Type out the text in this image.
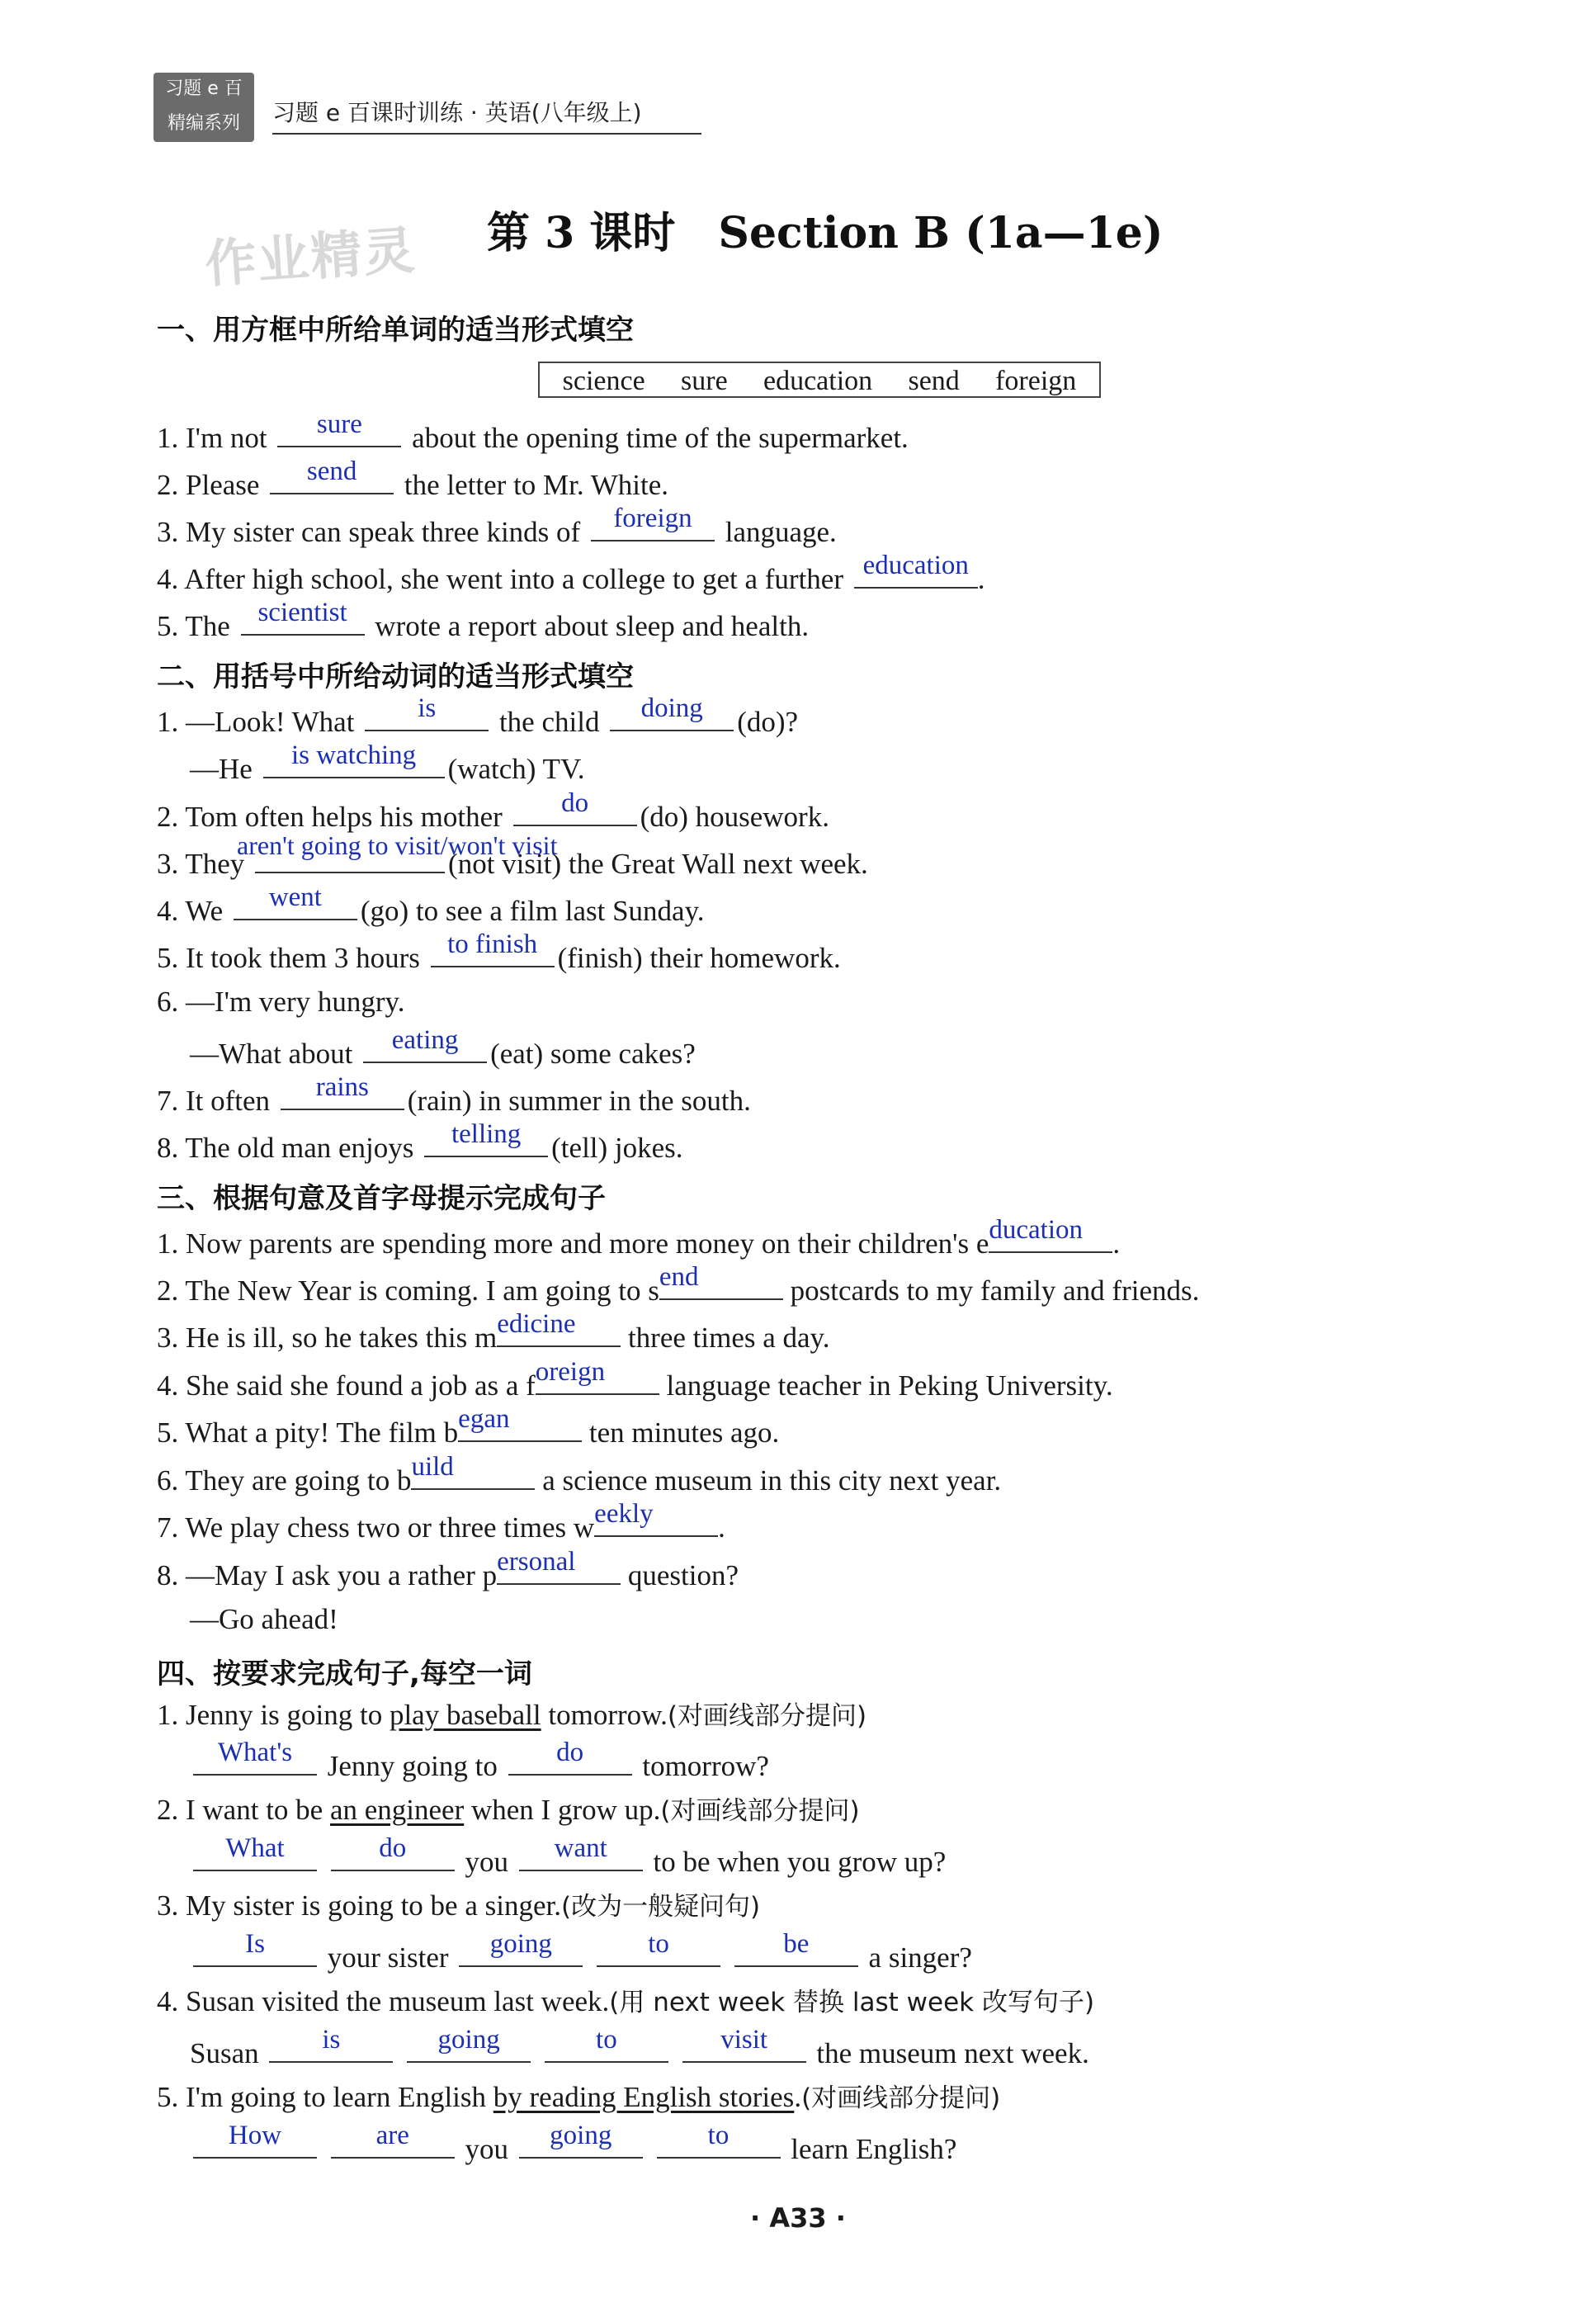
习题 e 百
精编系列	习题 e 百课时训练 · 英语(八年级上)
作业精灵 第 3 课时　Section B (1a—1e)
一、用方框中所给单词的适当形式填空
science sure education send foreign
1. I'm not	sure	about the opening time of the supermarket.
2. Please	send	the letter to Mr. White.
3. My sister can speak three kinds of	foreign	language.
4. After high school, she went into a college to get a further education .
5. The	scientist wrote a report about sleep and health.
二、用括号中所给动词的适当形式填空
1. —Look! What	is	the child	doing	(do)?
—He	is watching	(watch) TV.
2. Tom often helps his mother	do	(do) housework.
3. They
aren't going to visit/won't visit
(not visit) the Great Wall next week.
4. We	went	(go) to see a film last Sunday.
5. It took them 3 hours	to finish (finish) their homework.
6. —I'm very hungry.
—What about	eating	(eat) some cakes?
7. It often	rains	(rain) in summer in the south.
8. The old man enjoys	telling	(tell) jokes.
三、根据句意及首字母提示完成句子
1. Now parents are spending more and more money on their children's e ducation	.
2. The New Year is coming. I am going to s end	postcards to my family and friends.
3. He is ill, so he takes this m edicine	three times a day.
4. She said she found a job as a f oreign	language teacher in Peking University.
5. What a pity! The film b egan	ten minutes ago.
6. They are going to b uild	a science museum in this city next year.
7. We play chess two or three times w eekly	.
8. —May I ask you a rather p ersonal	question?
—Go ahead!
四、按要求完成句子,每空一词
1. Jenny is going to play baseball tomorrow.(对画线部分提问)
What's	Jenny going to	do	tomorrow?
2. I want to be an engineer when I grow up.(对画线部分提问)
What
	do	you	want	to be when you grow up?
3. My sister is going to be a singer.(改为一般疑问句)
Is	your sister	going
	to
	be	a singer?
4. Susan visited the museum last week.(用 next week 替换 last week 改写句子)
Susan	is
	going
	to
	visit	the museum next week.
5. I'm going to learn English by reading English stories.(对画线部分提问)
How
	are	you	going
	to	learn English?
· A33 ·
